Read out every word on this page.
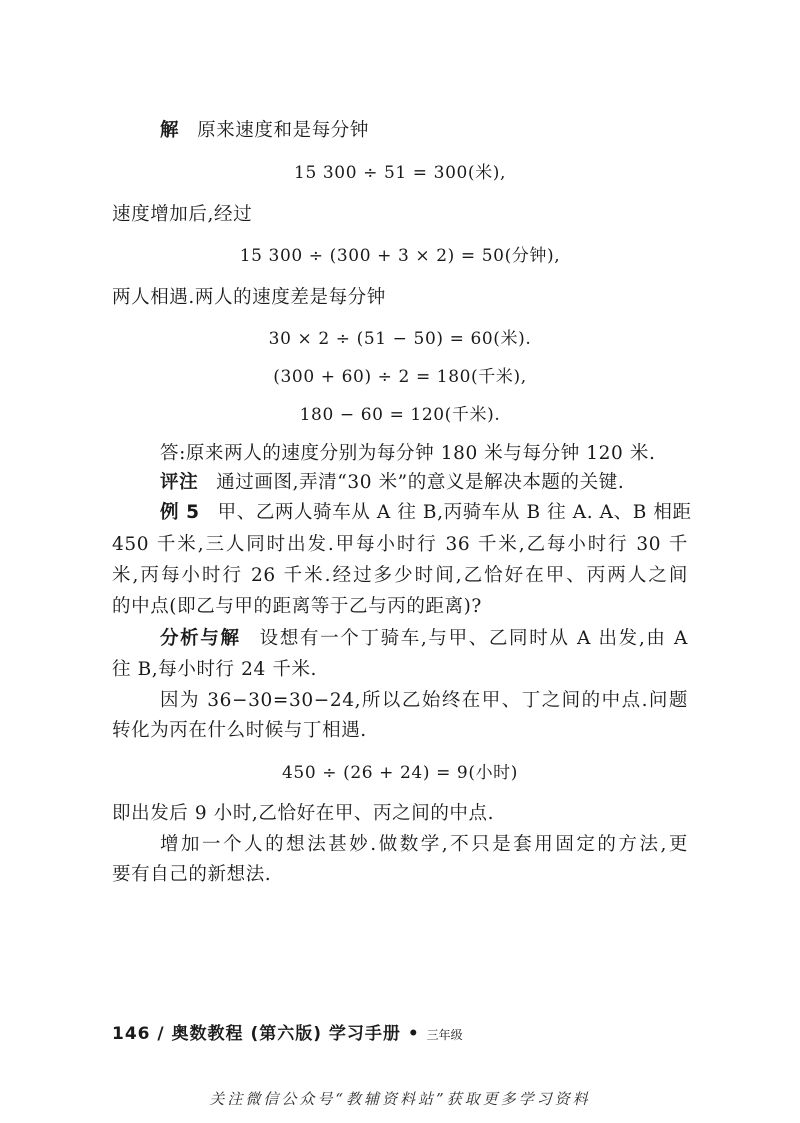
解 原来速度和是每分钟
15 300 ÷ 51 = 300(米),
速度增加后,经过
15 300 ÷ (300 + 3 × 2) = 50(分钟),
两人相遇.两人的速度差是每分钟
30 × 2 ÷ (51 − 50) = 60(米).
(300 + 60) ÷ 2 = 180(千米),
180 − 60 = 120(千米).
答:原来两人的速度分别为每分钟 180 米与每分钟 120 米.
评注 通过画图,弄清“30 米”的意义是解决本题的关键.
例 5 甲、乙两人骑车从 A 往 B,丙骑车从 B 往 A. A、B 相距
450 千米,三人同时出发.甲每小时行 36 千米,乙每小时行 30 千
米,丙每小时行 26 千米.经过多少时间,乙恰好在甲、丙两人之间
的中点(即乙与甲的距离等于乙与丙的距离)?
分析与解 设想有一个丁骑车,与甲、乙同时从 A 出发,由 A
往 B,每小时行 24 千米.
因为 36−30=30−24,所以乙始终在甲、丁之间的中点.问题
转化为丙在什么时候与丁相遇.
450 ÷ (26 + 24) = 9(小时)
即出发后 9 小时,乙恰好在甲、丙之间的中点.
增加一个人的想法甚妙.做数学,不只是套用固定的方法,更
要有自己的新想法.
146 / 奥数教程 (第六版) 学习手册 • 三年级
关注微信公众号“教辅资料站”获取更多学习资料
